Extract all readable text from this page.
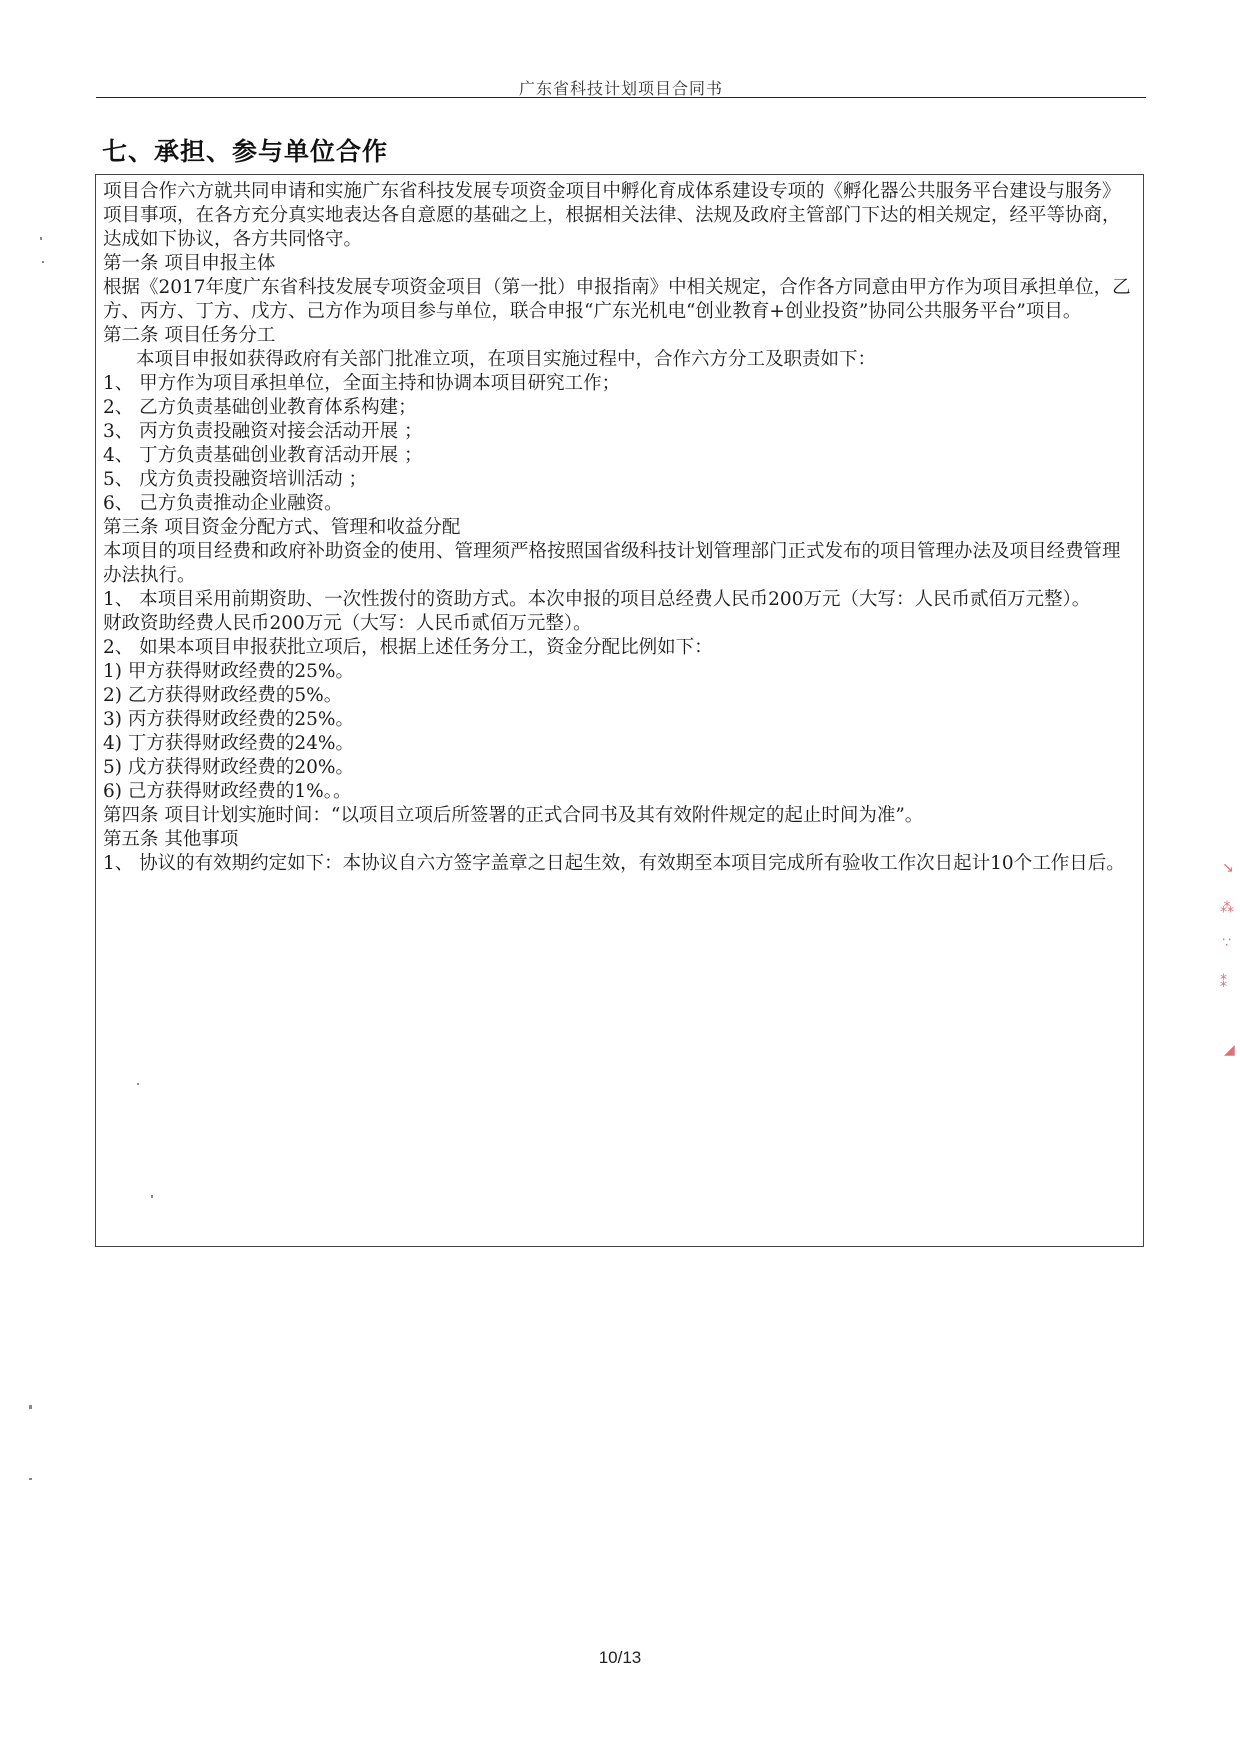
广东省科技计划项目合同书
七、承担、参与单位合作

项目合作六方就共同申请和实施广东省科技发展专项资金项目中孵化育成体系建设专项的《孵化器公共服务平台建设与服务》项目事项，在各方充分真实地表达各自意愿的基础之上，根据相关法律、法规及政府主管部门下达的相关规定，经平等协商，达成如下协议，各方共同恪守。

第一条 项目申报主体

根据《2017年度广东省科技发展专项资金项目（第一批）申报指南》中相关规定，合作各方同意由甲方作为项目承担单位，乙方、丙方、丁方、戊方、己方作为项目参与单位，联合申报“广东光机电“创业教育+创业投资”协同公共服务平台”项目。

第二条 项目任务分工

本项目申报如获得政府有关部门批准立项，在项目实施过程中，合作六方分工及职责如下：

1、 甲方作为项目承担单位，全面主持和协调本项目研究工作；

2、 乙方负责基础创业教育体系构建；

3、 丙方负责投融资对接会活动开展 ；

4、 丁方负责基础创业教育活动开展 ；

5、 戊方负责投融资培训活动 ；

6、 己方负责推动企业融资。

第三条 项目资金分配方式、管理和收益分配

本项目的项目经费和政府补助资金的使用、管理须严格按照国省级科技计划管理部门正式发布的项目管理办法及项目经费管理办法执行。

1、 本项目采用前期资助、一次性拨付的资助方式。本次申报的项目总经费人民币200万元（大写：人民币贰佰万元整）。

财政资助经费人民币200万元（大写：人民币贰佰万元整）。

2、 如果本项目申报获批立项后，根据上述任务分工，资金分配比例如下：

1) 甲方获得财政经费的25%。

2) 乙方获得财政经费的5%。

3) 丙方获得财政经费的25%。

4) 丁方获得财政经费的24%。

5) 戊方获得财政经费的20%。

6) 己方获得财政经费的1%。。

第四条 项目计划实施时间：“以项目立项后所签署的正式合同书及其有效附件规定的起止时间为准”。

第五条 其他事项

1、 协议的有效期约定如下：本协议自六方签字盖章之日起生效，有效期至本项目完成所有验收工作次日起计10个工作日后。

10/13
↘
⁂
∵
⁑
◢
